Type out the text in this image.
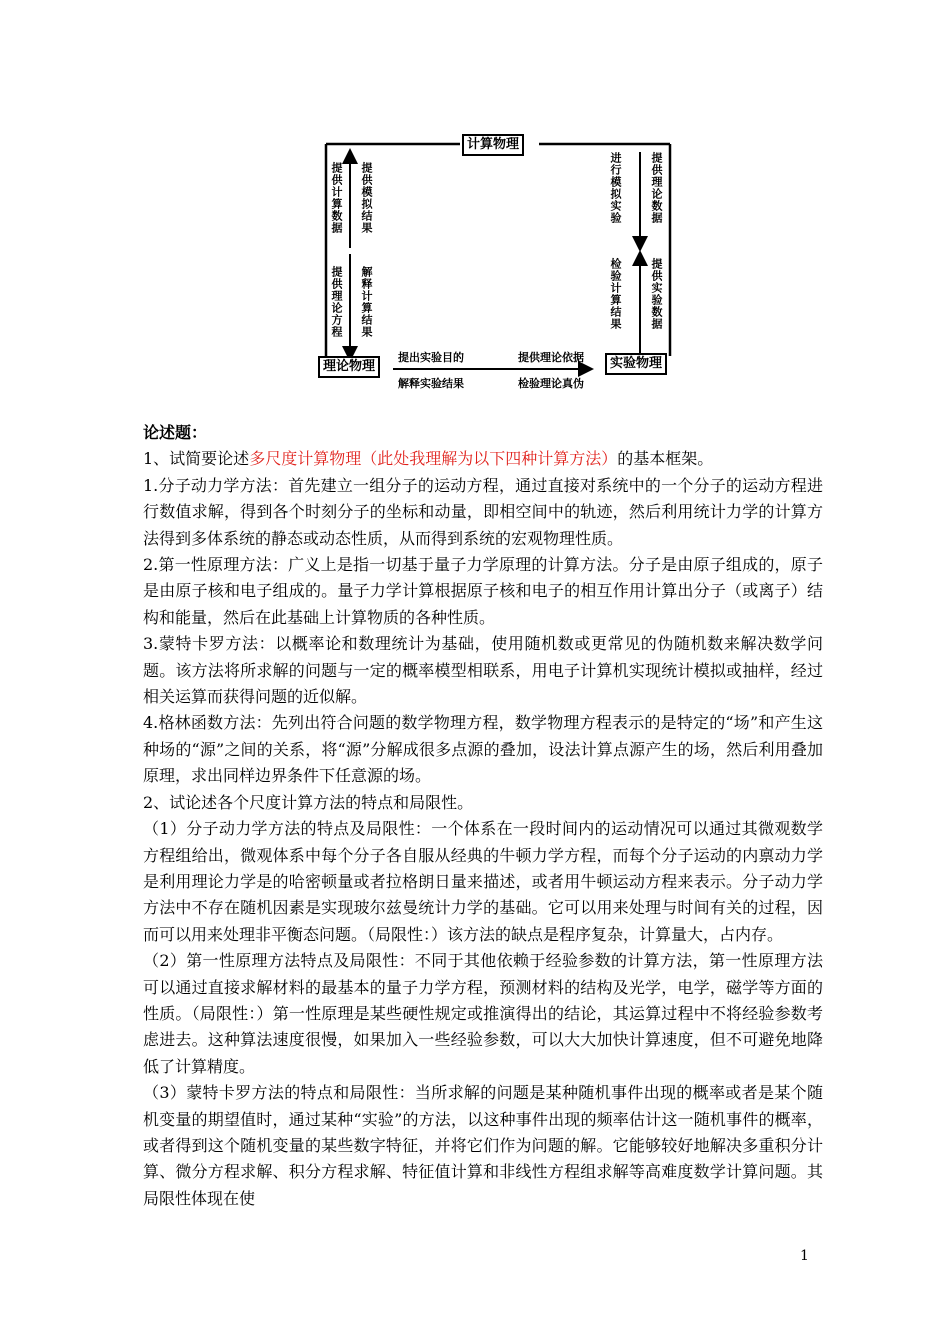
计算物理
理论物理	实验物理
提供计算数据 提供模拟结果
提供理论方程 解释计算结果
进行模拟实验	提供理论数据
检验计算结果	提供实验数据
提出实验目的
解释实验结果
提供理论依据
检验理论真伪

论述题：

1、试简要论述多尺度计算物理（此处我理解为以下四种计算方法）的基本框架。

1.分子动力学方法：首先建立一组分子的运动方程，通过直接对系统中的一个分子的运动方程进行数值求解，得到各个时刻分子的坐标和动量，即相空间中的轨迹，然后利用统计力学的计算方法得到多体系统的静态或动态性质，从而得到系统的宏观物理性质。

2.第一性原理方法：广义上是指一切基于量子力学原理的计算方法。分子是由原子组成的，原子是由原子核和电子组成的。量子力学计算根据原子核和电子的相互作用计算出分子（或离子）结构和能量，然后在此基础上计算物质的各种性质。

3.蒙特卡罗方法：以概率论和数理统计为基础，使用随机数或更常见的伪随机数来解决数学问题。该方法将所求解的问题与一定的概率模型相联系，用电子计算机实现统计模拟或抽样，经过相关运算而获得问题的近似解。

4.格林函数方法：先列出符合问题的数学物理方程，数学物理方程表示的是特定的“场”和产生这种场的“源”之间的关系，将“源”分解成很多点源的叠加，设法计算点源产生的场，然后利用叠加原理，求出同样边界条件下任意源的场。

2、试论述各个尺度计算方法的特点和局限性。

（1）分子动力学方法的特点及局限性：一个体系在一段时间内的运动情况可以通过其微观数学方程组给出，微观体系中每个分子各自服从经典的牛顿力学方程，而每个分子运动的内禀动力学是利用理论力学是的哈密顿量或者拉格朗日量来描述，或者用牛顿运动方程来表示。分子动力学方法中不存在随机因素是实现玻尔兹曼统计力学的基础。它可以用来处理与时间有关的过程，因而可以用来处理非平衡态问题。（局限性：）该方法的缺点是程序复杂，计算量大，占内存。

（2）第一性原理方法特点及局限性：不同于其他依赖于经验参数的计算方法，第一性原理方法可以通过直接求解材料的最基本的量子力学方程，预测材料的结构及光学，电学，磁学等方面的性质。（局限性：）第一性原理是某些硬性规定或推演得出的结论，其运算过程中不将经验参数考虑进去。这种算法速度很慢，如果加入一些经验参数，可以大大加快计算速度，但不可避免地降低了计算精度。

（3）蒙特卡罗方法的特点和局限性：当所求解的问题是某种随机事件出现的概率或者是某个随机变量的期望值时，通过某种“实验”的方法，以这种事件出现的频率估计这一随机事件的概率，或者得到这个随机变量的某些数字特征，并将它们作为问题的解。它能够较好地解决多重积分计算、微分方程求解、积分方程求解、特征值计算和非线性方程组求解等高难度数学计算问题。其局限性体现在使

1
